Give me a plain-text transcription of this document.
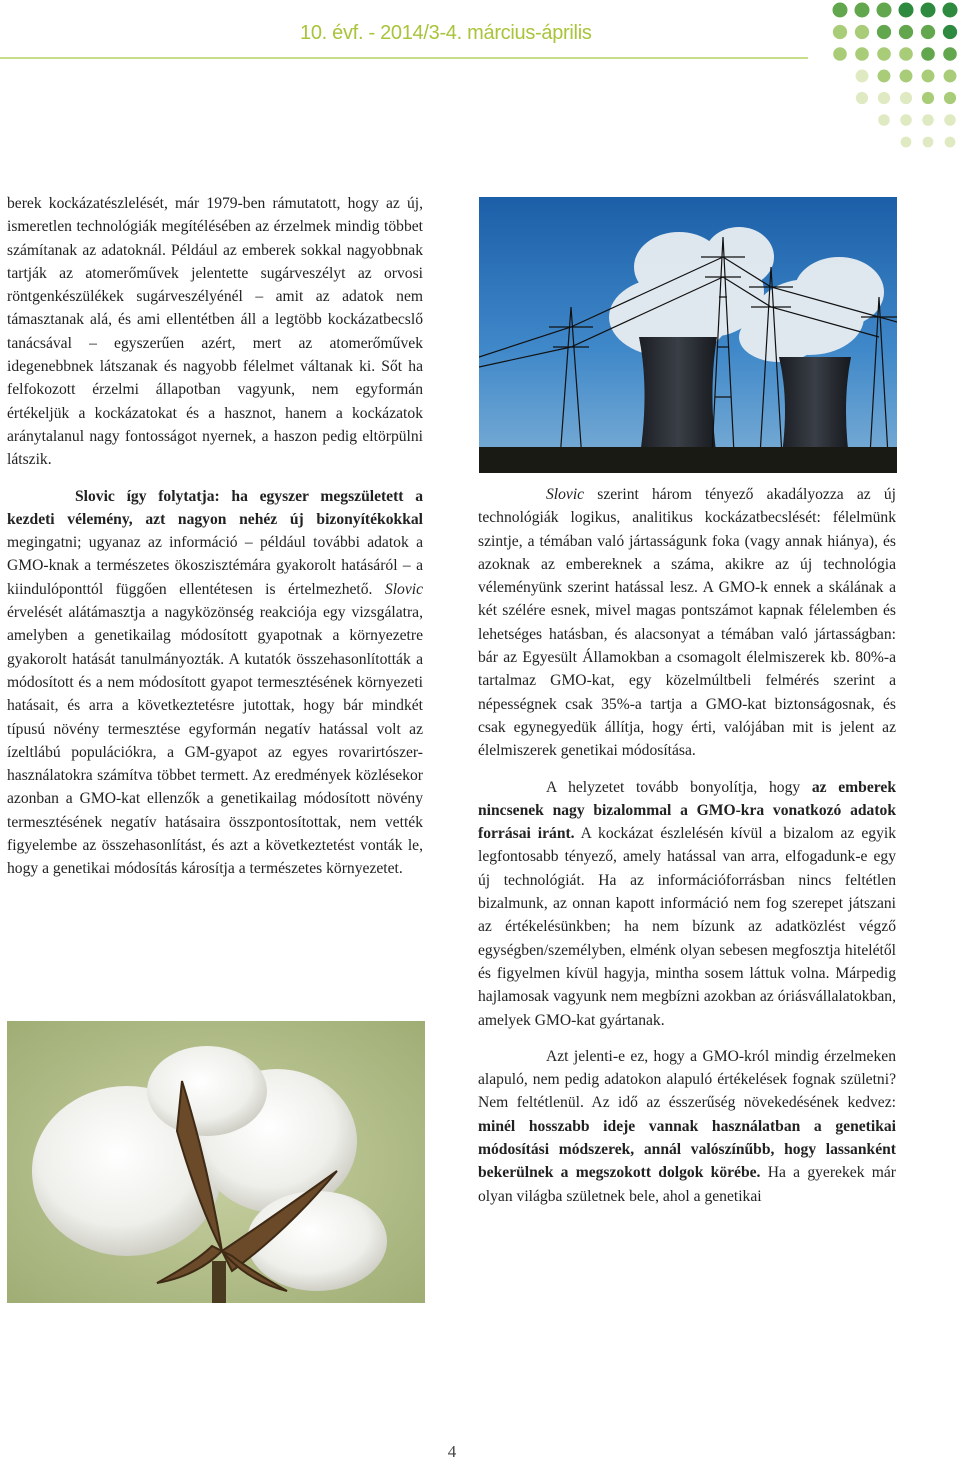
10. évf. - 2014/3-4. március-április

berek kockázatészlelését, már 1979-ben rámutatott, hogy az új, ismeretlen technológiák megítélésében az érzelmek mindig többet számítanak az adatoknál. Például az emberek sokkal nagyobbnak tartják az atomerőművek jelentette sugárveszélyt az orvosi röntgenkészülékek sugárveszélyénél – amit az adatok nem támasztanak alá, és ami ellentétben áll a legtöbb kockázatbecslő tanácsával – egyszerűen azért, mert az atomerőművek idegenebbnek látszanak és nagyobb félelmet váltanak ki. Sőt ha felfokozott érzelmi állapotban vagyunk, nem egyformán értékeljük a kockázatokat és a hasznot, hanem a kockázatok aránytalanul nagy fontosságot nyernek, a haszon pedig eltörpülni látszik.

Slovic így folytatja: ha egyszer megszületett a kezdeti vélemény, azt nagyon nehéz új bizonyítékokkal megingatni; ugyanaz az információ – például további adatok a GMO-knak a természetes ökoszisztémára gyakorolt hatásáról – a kiindulóponttól függően ellentétesen is értelmezhető. Slovic érvelését alátámasztja a nagyközönség reakciója egy vizsgálatra, amelyben a genetikailag módosított gyapotnak a környezetre gyakorolt hatását tanulmányozták. A kutatók összehasonlították a módosított és a nem módosított gyapot termesztésének környezeti hatásait, és arra a következtetésre jutottak, hogy bár mindkét típusú növény termesztése egyformán negatív hatással volt az ízeltlábú populációkra, a GM-gyapot az egyes rovarirtószer-használatokra számítva többet termett. Az eredmények közlésekor azonban a GMO-kat ellenzők a genetikailag módosított növény termesztésének negatív hatásaira összpontosítottak, nem vették figyelembe az összehasonlítást, és azt a következtetést vonták le, hogy a genetikai módosítás károsítja a természetes környezetet.

Slovic szerint három tényező akadályozza az új technológiák logikus, analitikus kockázatbecslését: félelmünk szintje, a témában való jártasságunk foka (vagy annak hiánya), és azoknak az embereknek a száma, akikre az új technológia véleményünk szerint hatással lesz. A GMO-k ennek a skálának a két szélére esnek, mivel magas pontszámot kapnak félelemben és lehetséges hatásban, és alacsonyat a témában való jártasságban: bár az Egyesült Államokban a csomagolt élelmiszerek kb. 80%-a tartalmaz GMO-kat, egy közelmúltbeli felmérés szerint a népességnek csak 35%-a tartja a GMO-kat biztonságosnak, és csak egynegyedük állítja, hogy érti, valójában mit is jelent az élelmiszerek genetikai módosítása.

A helyzetet tovább bonyolítja, hogy az emberek nincsenek nagy bizalommal a GMO-kra vonatkozó adatok forrásai iránt. A kockázat észlelésén kívül a bizalom az egyik legfontosabb tényező, amely hatással van arra, elfogadunk-e egy új technológiát. Ha az információforrásban nincs feltétlen bizalmunk, az onnan kapott információ nem fog szerepet játszani az értékelésünkben; ha nem bízunk az adatközlést végző egységben/személyben, elménk olyan sebesen megfosztja hitelétől és figyelmen kívül hagyja, mintha sosem láttuk volna. Márpedig hajlamosak vagyunk nem megbízni azokban az óriásvállalatokban, amelyek GMO-kat gyártanak.

Azt jelenti-e ez, hogy a GMO-król mindig érzelmeken alapuló, nem pedig adatokon alapuló értékelések fognak születni? Nem feltétlenül. Az idő az ésszerűség növekedésének kedvez: minél hosszabb ideje vannak használatban a genetikai módosítási módszerek, annál valószínűbb, hogy lassanként bekerülnek a megszokott dolgok körébe. Ha a gyerekek már olyan világba születnek bele, ahol a genetikai

4
